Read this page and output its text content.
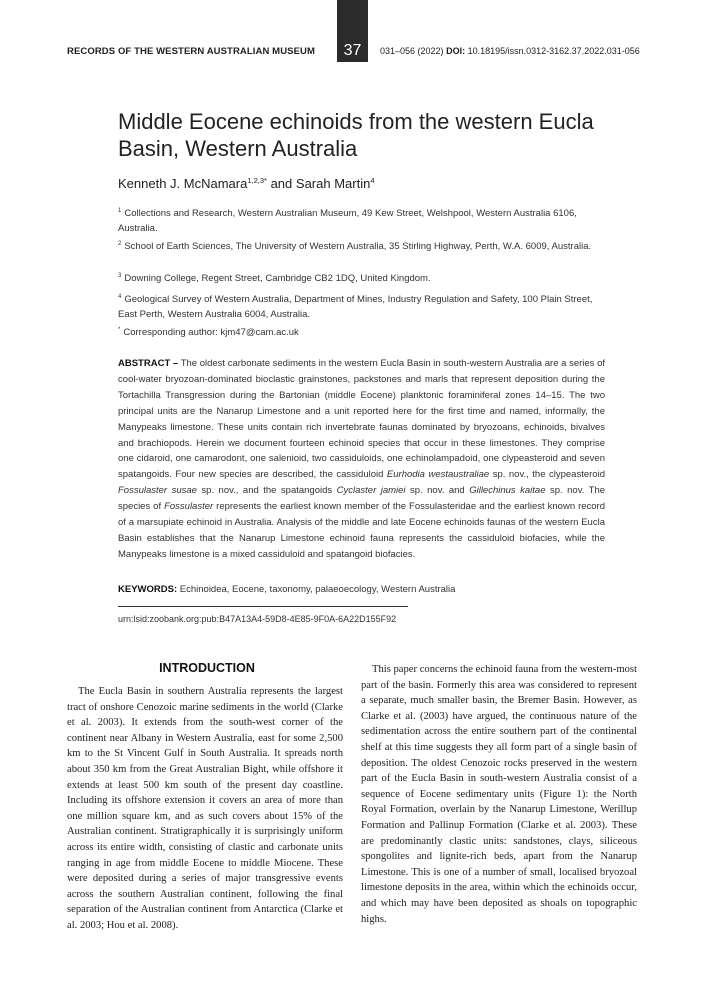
RECORDS OF THE WESTERN AUSTRALIAN MUSEUM	37	031–056 (2022) DOI: 10.18195/issn.0312-3162.37.2022.031-056
Middle Eocene echinoids from the western Eucla Basin, Western Australia
Kenneth J. McNamara$^{1,2,3*}$ and Sarah Martin$^4$
$^1$ Collections and Research, Western Australian Museum, 49 Kew Street, Welshpool, Western Australia 6106, Australia.
$^2$ School of Earth Sciences, The University of Western Australia, 35 Stirling Highway, Perth, W.A. 6009, Australia.
$^3$ Downing College, Regent Street, Cambridge CB2 1DQ, United Kingdom.
$^4$ Geological Survey of Western Australia, Department of Mines, Industry Regulation and Safety, 100 Plain Street, East Perth, Western Australia 6004, Australia.
* Corresponding author: kjm47@cam.ac.uk

ABSTRACT – The oldest carbonate sediments in the western Eucla Basin in south-western Australia are a series of cool-water bryozoan-dominated bioclastic grainstones, packstones and marls that represent deposition during the Tortachilla Transgression during the Bartonian (middle Eocene) planktonic foraminiferal zones 14–15. The two principal units are the Nanarup Limestone and a unit reported here for the first time and named, informally, the Manypeaks limestone. These units contain rich invertebrate faunas dominated by bryozoans, echinoids, bivalves and brachiopods. Herein we document fourteen echinoid species that occur in these limestones. They comprise one cidaroid, one camarodont, one salenioid, two cassiduloids, one echinolampadoid, one clypeasteroid and seven spatangoids. Four new species are described, the cassiduloid Eurhodia westaustraliae sp. nov., the clypeasteroid Fossulaster susae sp. nov., and the spatangoids Cyclaster jamiei sp. nov. and Gillechinus kaitae sp. nov. The species of Fossulaster represents the earliest known member of the Fossulasteridae and the earliest known record of a marsupiate echinoid in Australia. Analysis of the middle and late Eocene echinoids faunas of the western Eucla Basin establishes that the Nanarup Limestone echinoid fauna represents the cassiduloid biofacies, while the Manypeaks limestone is a mixed cassiduloid and spatangoid biofacies.

KEYWORDS: Echinoidea, Eocene, taxonomy, palaeoecology, Western Australia
urn:lsid:zoobank.org:pub:B47A13A4-59D8-4E85-9F0A-6A22D155F92
INTRODUCTION

The Eucla Basin in southern Australia represents the largest tract of onshore Cenozoic marine sediments in the world (Clarke et al. 2003). It extends from the south-west corner of the continent near Albany in Western Australia, east for some 2,500 km to the St Vincent Gulf in South Australia. It spreads north about 350 km from the Great Australian Bight, while offshore it extends at least 500 km south of the present day coastline. Including its offshore extension it covers an area of more than one million square km, and as such covers about 15% of the Australian continent. Stratigraphically it is surprisingly uniform across its entire width, consisting of clastic and carbonate units ranging in age from middle Eocene to middle Miocene. These were deposited during a series of major transgressive events across the southern Australian continent, following the final separation of the Australian continent from Antarctica (Clarke et al. 2003; Hou et al. 2008).

This paper concerns the echinoid fauna from the western-most part of the basin. Formerly this area was considered to represent a separate, much smaller basin, the Bremer Basin. However, as Clarke et al. (2003) have argued, the continuous nature of the sedimentation across the entire southern part of the continental shelf at this time suggests they all form part of a single basin of deposition. The oldest Cenozoic rocks preserved in the western part of the Eucla Basin in south-western Australia consist of a sequence of Eocene sedimentary units (Figure 1): the North Royal Formation, overlain by the Nanarup Limestone, Werillup Formation and Pallinup Formation (Clarke et al. 2003). These are predominantly clastic units: sandstones, clays, siliceous spongolites and lignite-rich beds, apart from the Nanarup Limestone. This is one of a number of small, localised bryozoal limestone deposits in the area, within which the echinoids occur, and which may have been deposited as shoals on topographic highs.
